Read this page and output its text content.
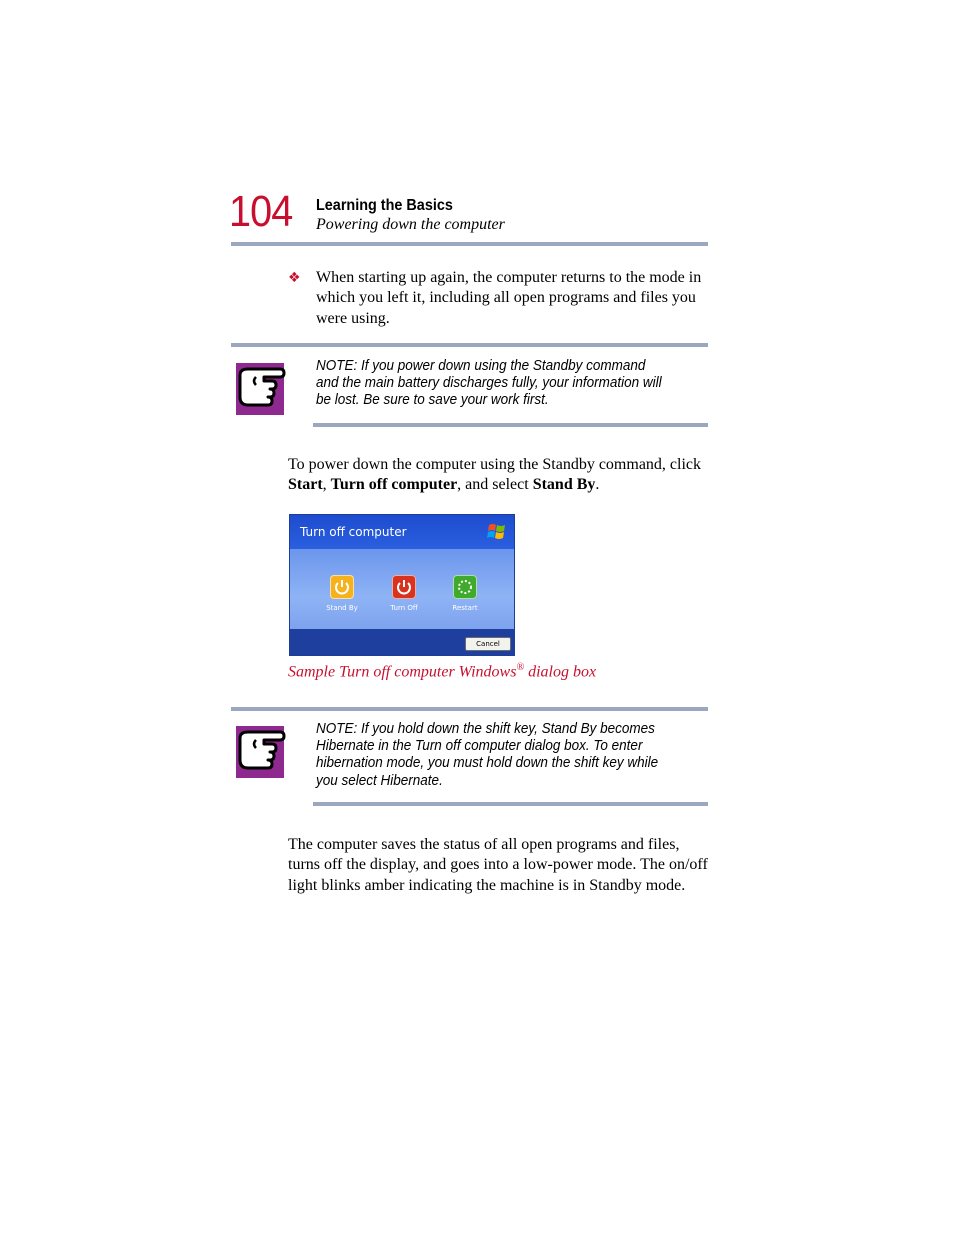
104 Learning the Basics
Powering down the computer
❖ When starting up again, the computer returns to the mode in which you left it, including all open programs and files you were using.
NOTE: If you power down using the Standby command and the main battery discharges fully, your information will be lost. Be sure to save your work first.
To power down the computer using the Standby command, click Start, Turn off computer, and select Stand By.
Turn off computer
Stand By	Turn Off	Restart
Cancel
Sample Turn off computer Windows® dialog box
NOTE: If you hold down the shift key, Stand By becomes Hibernate in the Turn off computer dialog box. To enter hibernation mode, you must hold down the shift key while you select Hibernate.
The computer saves the status of all open programs and files, turns off the display, and goes into a low-power mode. The on/off light blinks amber indicating the machine is in Standby mode.
